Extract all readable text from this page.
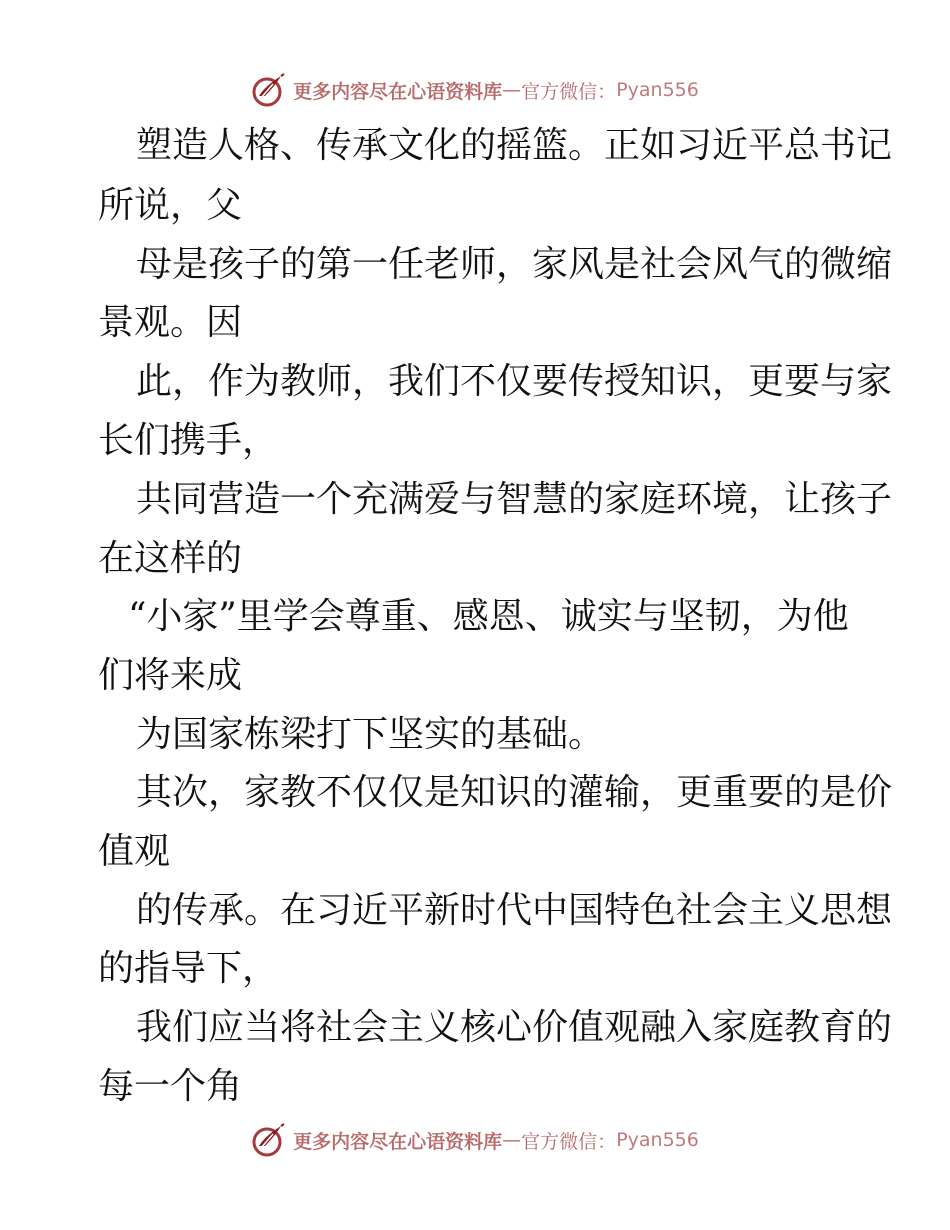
更多内容尽在心语资料库 — 官方微信： Pyan556
塑造人格、传承文化的摇篮。正如习近平总书记
所说，父
母是孩子的第一任老师，家风是社会风气的微缩
景观。因
此，作为教师，我们不仅要传授知识，更要与家
长们携手，
共同营造一个充满爱与智慧的家庭环境，让孩子
在这样的
“小家”里学会尊重、感恩、诚实与坚韧，为他
们将来成
为国家栋梁打下坚实的基础。
其次，家教不仅仅是知识的灌输，更重要的是价
值观
的传承。在习近平新时代中国特色社会主义思想
的指导下，
我们应当将社会主义核心价值观融入家庭教育的
每一个角
更多内容尽在心语资料库 — 官方微信： Pyan556
